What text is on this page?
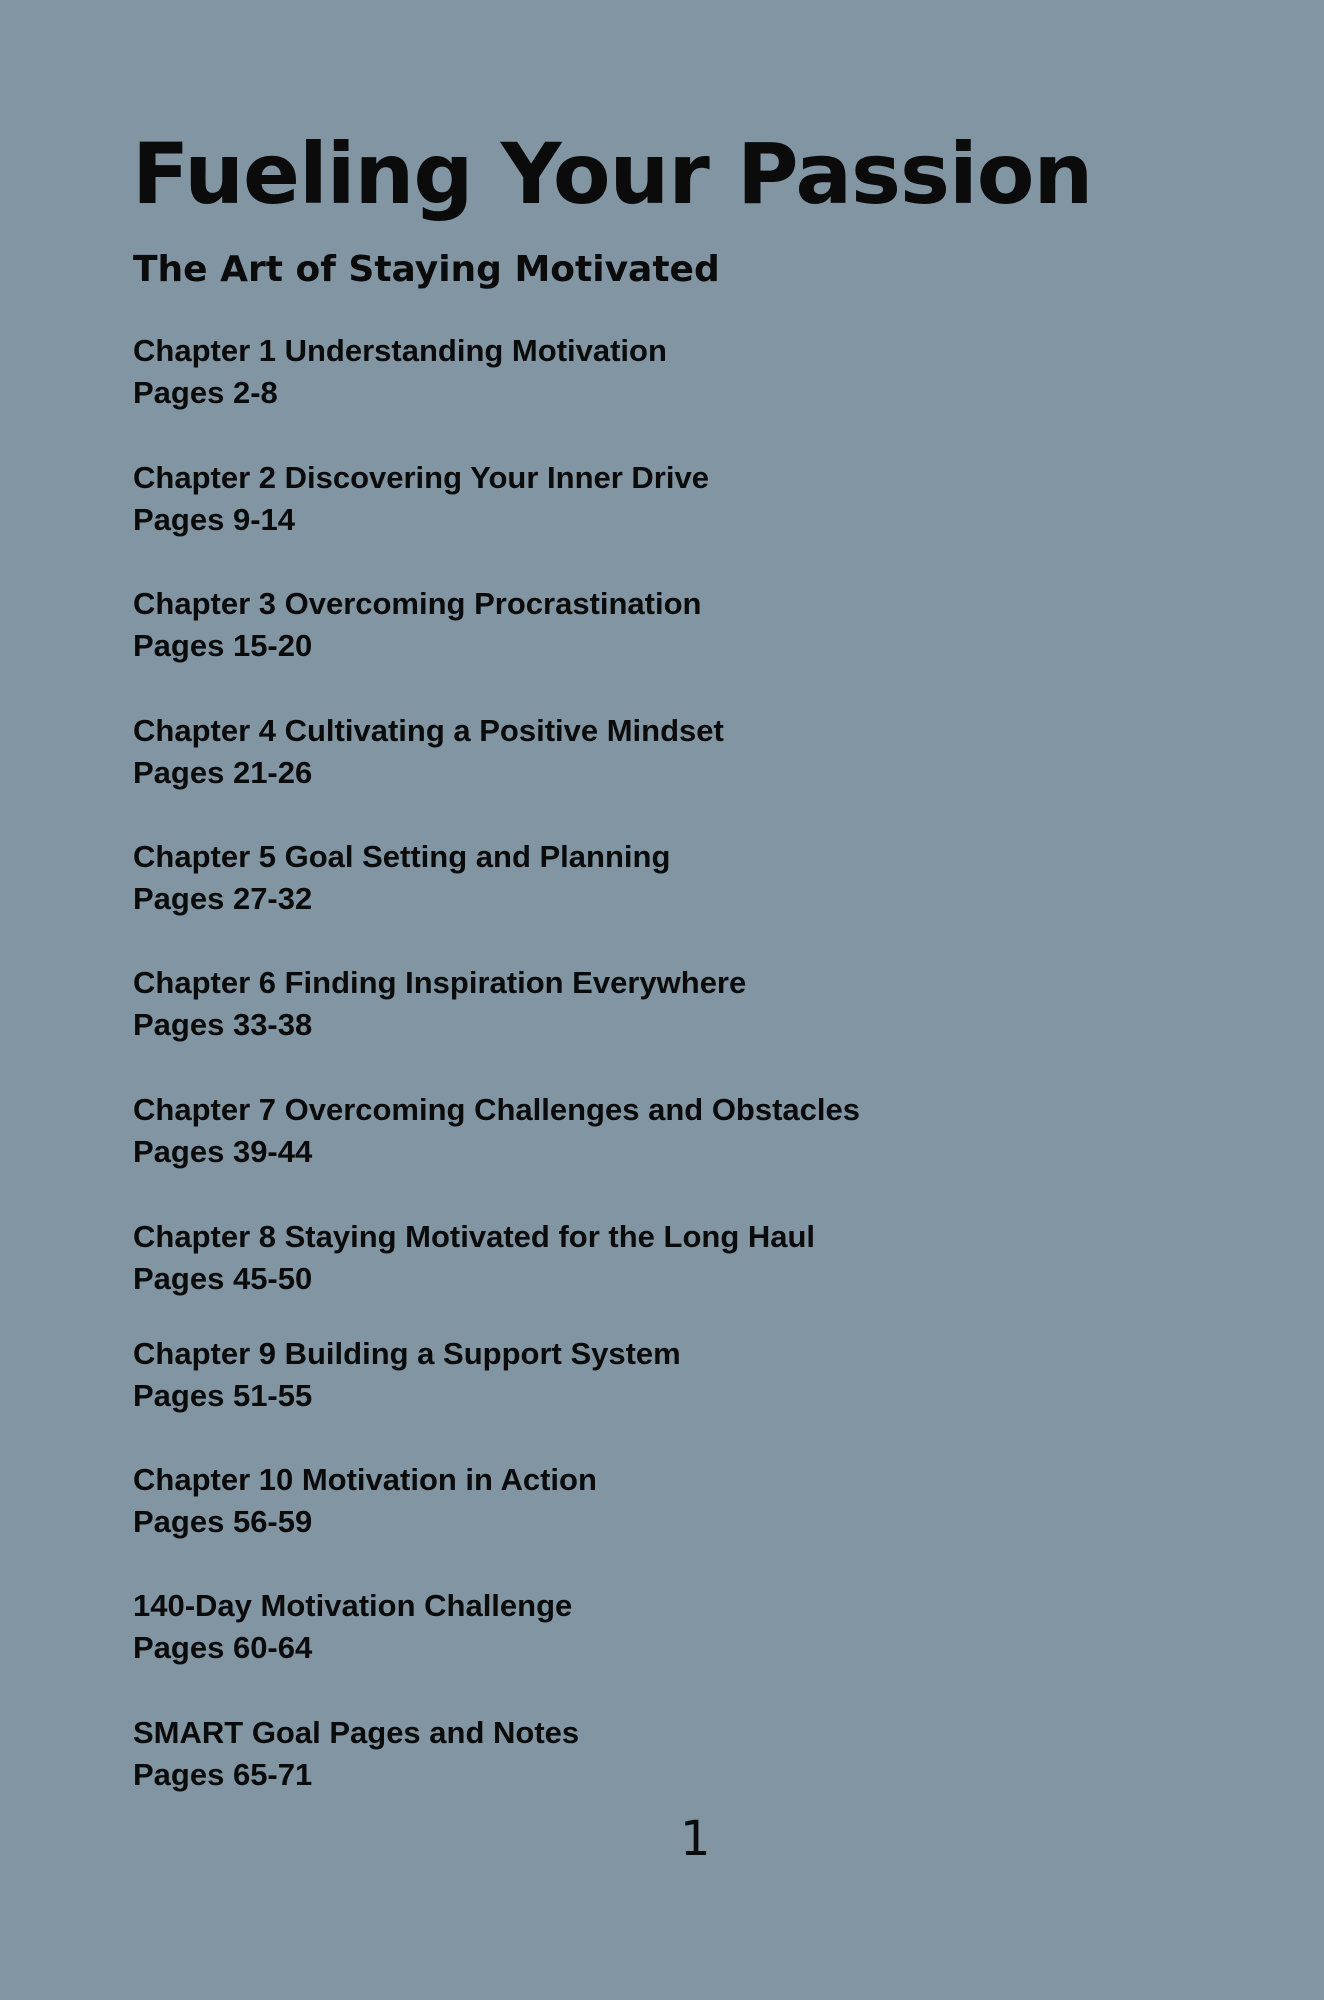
Fueling Your Passion
The Art of Staying Motivated
Chapter 1 Understanding Motivation
Pages 2-8
Chapter 2 Discovering Your Inner Drive
Pages 9-14
Chapter 3 Overcoming Procrastination
Pages 15-20
Chapter 4 Cultivating a Positive Mindset
Pages 21-26
Chapter 5 Goal Setting and Planning
Pages 27-32
Chapter 6 Finding Inspiration Everywhere
Pages 33-38
Chapter 7 Overcoming Challenges and Obstacles
Pages 39-44
Chapter 8 Staying Motivated for the Long Haul
Pages 45-50
Chapter 9 Building a Support System
Pages 51-55
Chapter 10 Motivation in Action
Pages 56-59
140-Day Motivation Challenge
Pages 60-64
SMART Goal Pages and Notes
Pages 65-71
1
